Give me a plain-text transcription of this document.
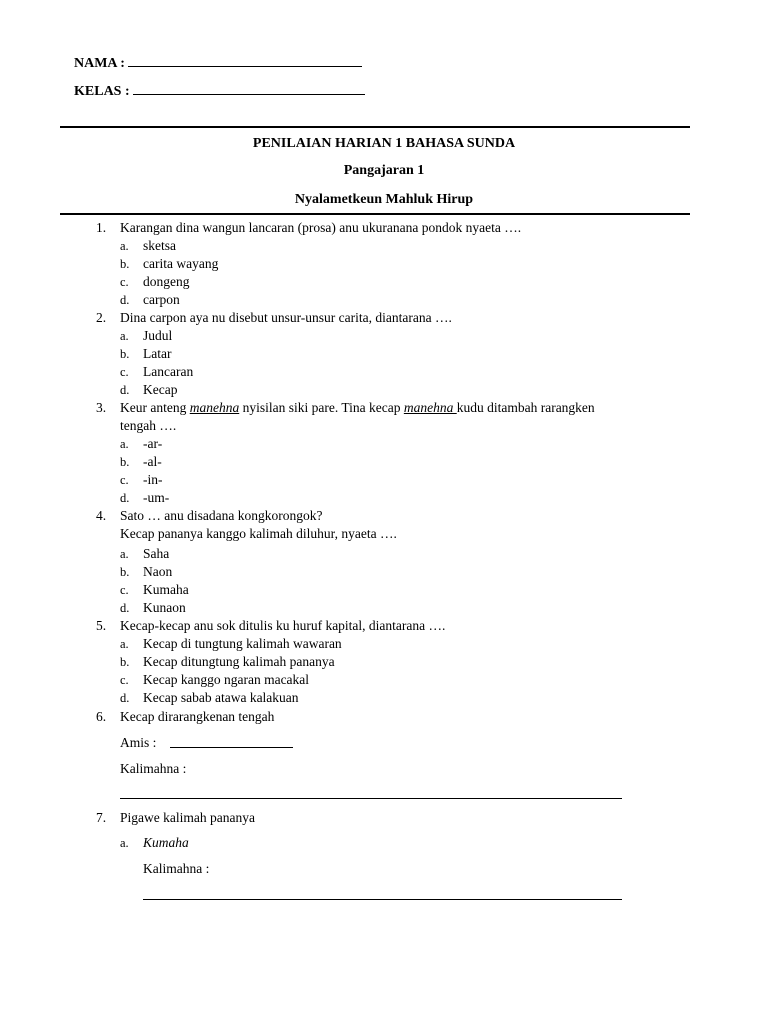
NAMA :
KELAS :
PENILAIAN HARIAN 1 BAHASA SUNDA
Pangajaran 1
Nyalametkeun Mahluk Hirup
1.	Karangan dina wangun lancaran (prosa) anu ukuranana pondok nyaeta ….
a. sketsa
b. carita wayang
c. dongeng
d. carpon
2.	Dina carpon aya nu disebut unsur-unsur carita, diantarana ….
a. Judul
b. Latar
c. Lancaran
d. Kecap
3.	Keur anteng manehna nyisilan siki pare. Tina kecap manehna kudu ditambah rarangken
tengah ….
a. -ar-
b. -al-
c. -in-
d. -um-
4.	Sato … anu disadana kongkorongok?
Kecap pananya kanggo kalimah diluhur, nyaeta ….
a. Saha
b. Naon
c. Kumaha
d. Kunaon
5.	Kecap-kecap anu sok ditulis ku huruf kapital, diantarana ….
a. Kecap di tungtung kalimah wawaran
b. Kecap ditungtung kalimah pananya
c. Kecap kanggo ngaran macakal
d. Kecap sabab atawa kalakuan
6.	Kecap dirarangkenan tengah
Amis :
Kalimahna :
7.	Pigawe kalimah pananya
a. Kumaha
Kalimahna :
